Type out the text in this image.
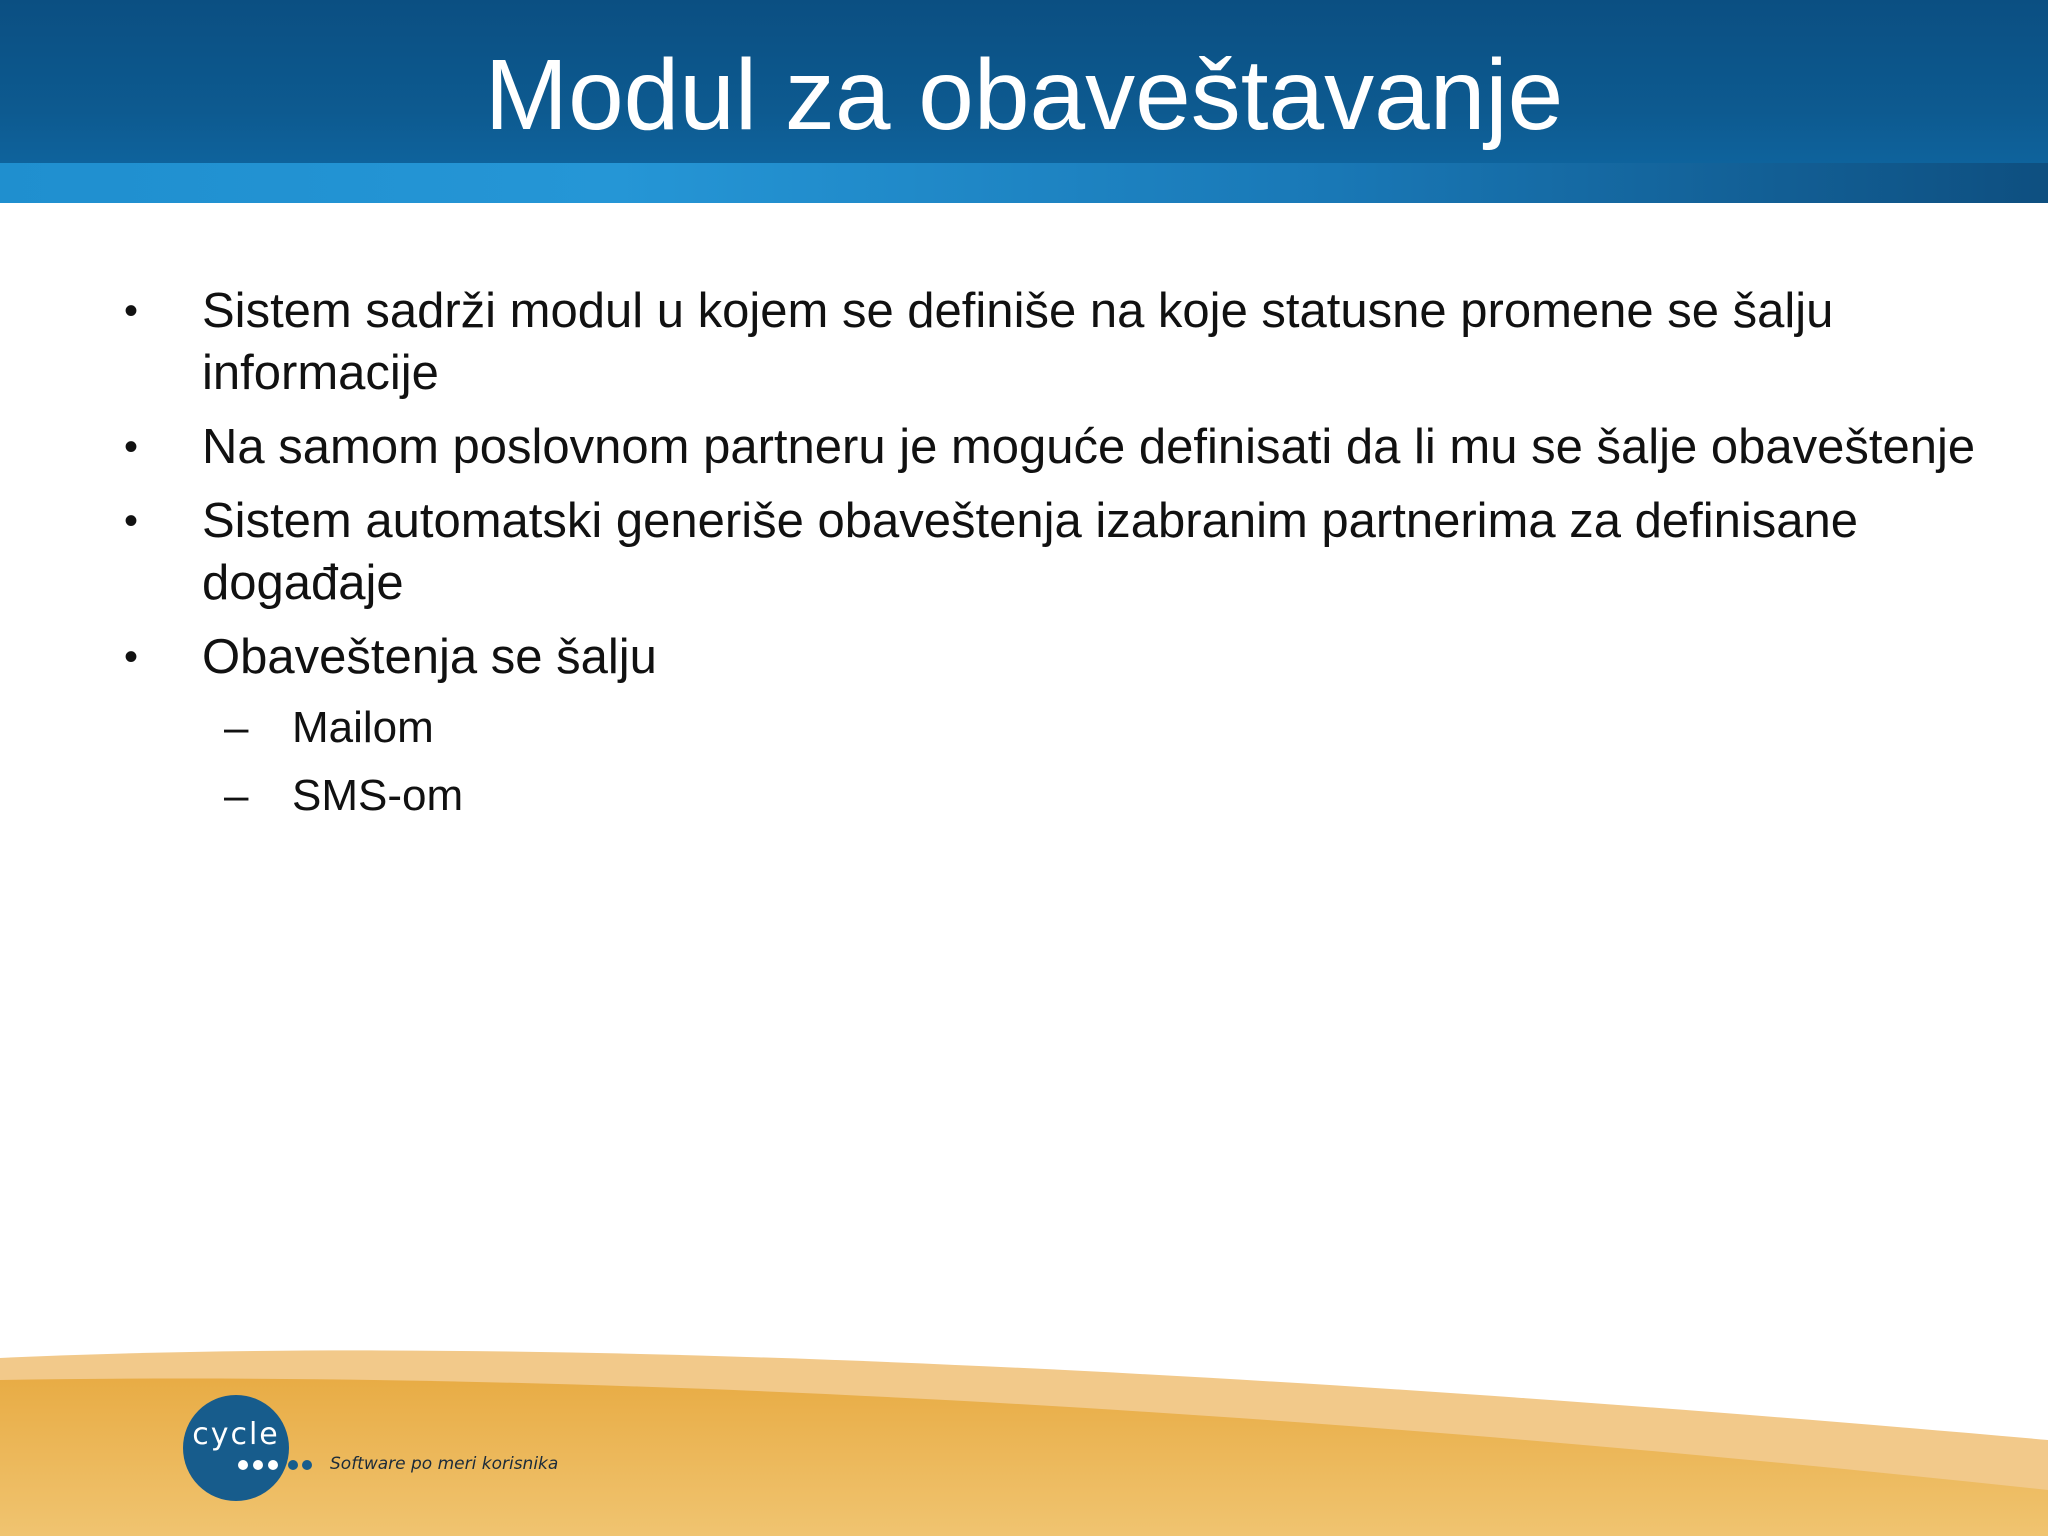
Modul za obaveštavanje
•	Sistem sadrži modul u kojem se definiše na koje statusne promene se šalju informacije
•	Na samom poslovnom partneru je moguće definisati da li mu se šalje obaveštenje
•	Sistem automatski generiše obaveštenja izabranim partnerima za definisane događaje
•	Obaveštenja se šalju
– Mailom
– SMS-om
cycle
Software po meri korisnika
